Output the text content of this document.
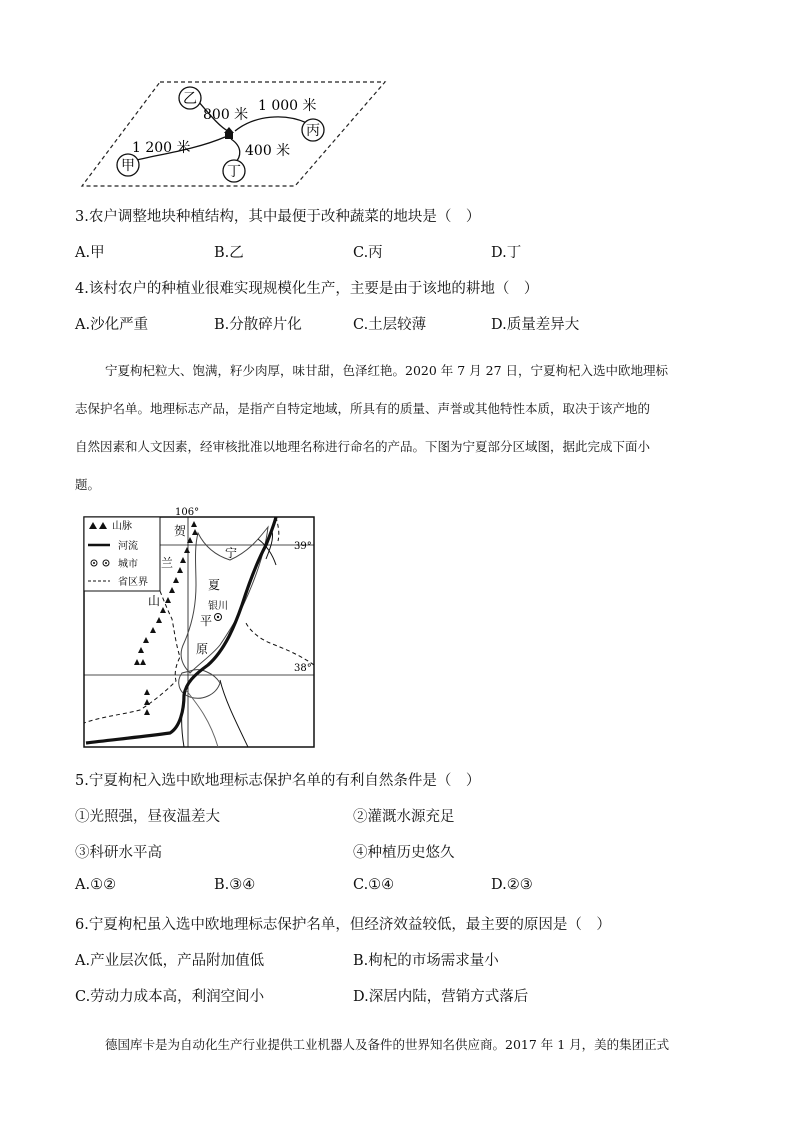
乙
丙
甲	丁
800 米
1 000 米
1 200 米	400 米
3.农户调整地块种植结构，其中最便于改种蔬菜的地块是（　）
A.甲	B.乙	C.丙	D.丁
4.该村农户的种植业很难实现规模化生产，主要是由于该地的耕地（　）
A.沙化严重	B.分散碎片化	C.土层较薄	D.质量差异大
宁夏枸杞粒大、饱满，籽少肉厚，味甘甜，色泽红艳。2020 年 7 月 27 日，宁夏枸杞入选中欧地理标
志保护名单。地理标志产品，是指产自特定地域，所具有的质量、声誉或其他特性本质，取决于该产地的
自然因素和人文因素，经审核批准以地理名称进行命名的产品。下图为宁夏部分区域图，据此完成下面小
题。
山脉
河流
城市
省区界
106°
39°
38°
贺
兰
山
宁
夏
平
原
银川
5.宁夏枸杞入选中欧地理标志保护名单的有利自然条件是（　）
①光照强，昼夜温差大	②灌溉水源充足
③科研水平高	④种植历史悠久
A.①②	B.③④	C.①④	D.②③
6.宁夏枸杞虽入选中欧地理标志保护名单，但经济效益较低，最主要的原因是（　）
A.产业层次低，产品附加值低	B.枸杞的市场需求量小
C.劳动力成本高，利润空间小	D.深居内陆，营销方式落后
德国库卡是为自动化生产行业提供工业机器人及备件的世界知名供应商。2017 年 1 月，美的集团正式
